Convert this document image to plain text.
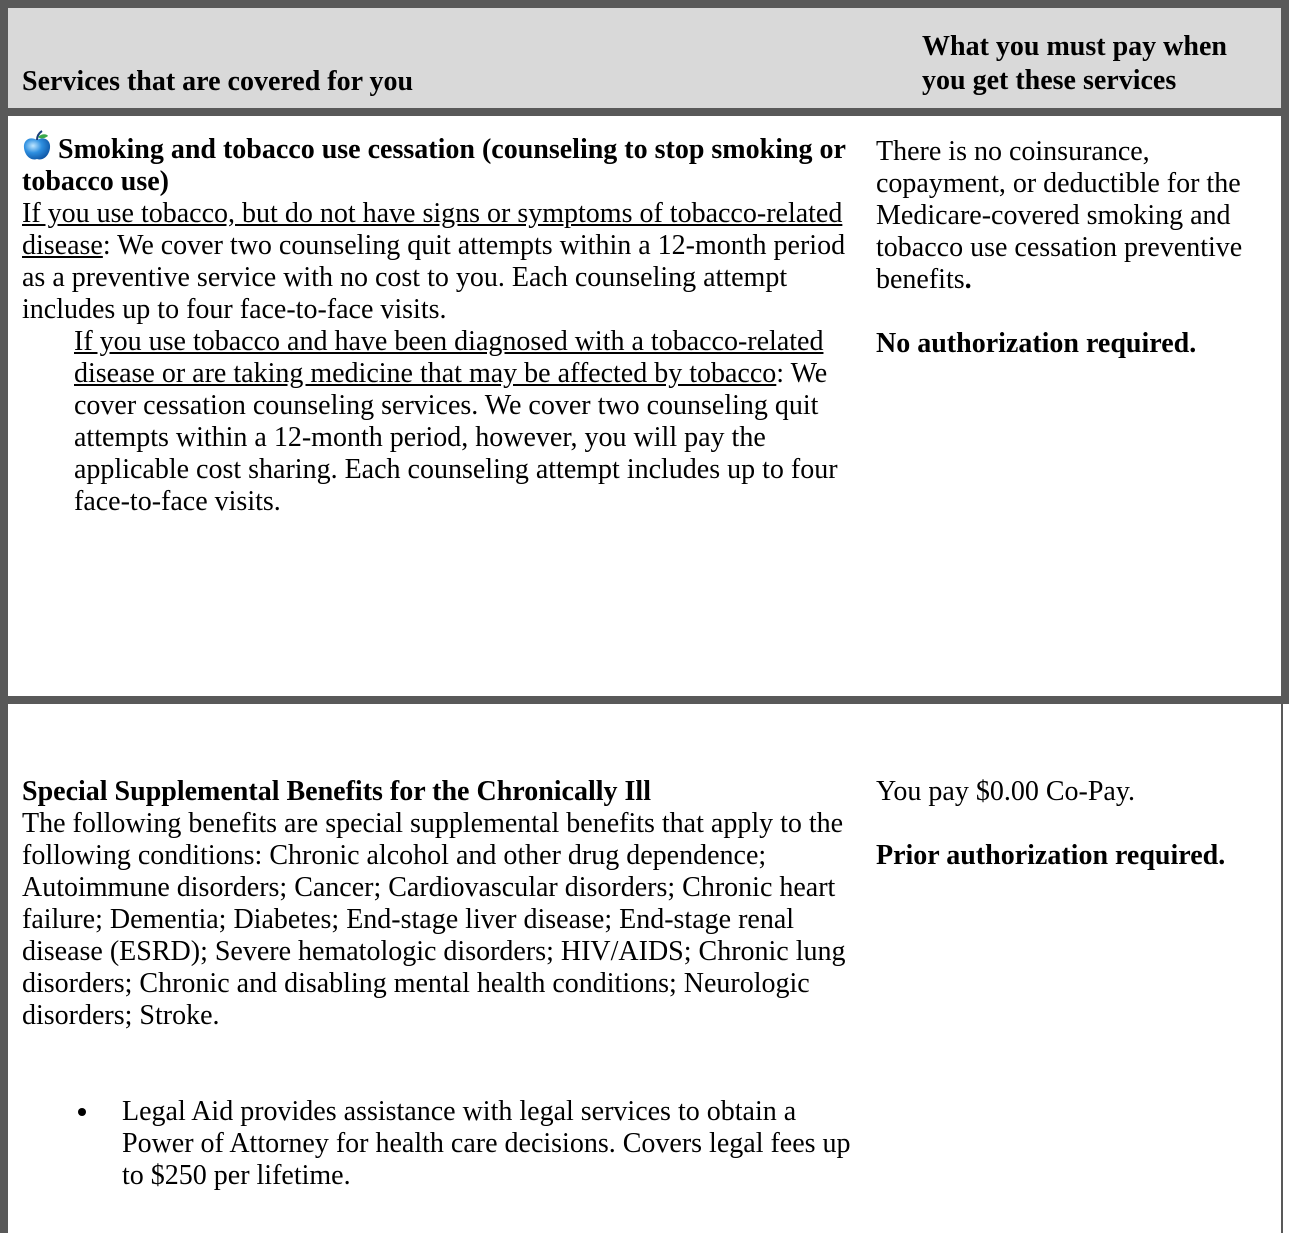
Services that are covered for you
What you must pay when you get these services
Smoking and tobacco use cessation (counseling to stop smoking or tobacco use)

If you use tobacco, but do not have signs or symptoms of tobacco-related disease: We cover two counseling quit attempts within a 12-month period as a preventive service with no cost to you. Each counseling attempt includes up to four face-to-face visits.

If you use tobacco and have been diagnosed with a tobacco-related disease or are taking medicine that may be affected by tobacco: We cover cessation counseling services. We cover two counseling quit attempts within a 12-month period, however, you will pay the applicable cost sharing. Each counseling attempt includes up to four face-to-face visits.

There is no coinsurance, copayment, or deductible for the Medicare-covered smoking and tobacco use cessation preventive benefits.

No authorization required.

Special Supplemental Benefits for the Chronically Ill

The following benefits are special supplemental benefits that apply to the following conditions: Chronic alcohol and other drug dependence; Autoimmune disorders; Cancer; Cardiovascular disorders; Chronic heart failure; Dementia; Diabetes; End-stage liver disease; End-stage renal disease (ESRD); Severe hematologic disorders; HIV/AIDS; Chronic lung disorders; Chronic and disabling mental health conditions; Neurologic disorders; Stroke.

Legal Aid provides assistance with legal services to obtain a Power of Attorney for health care decisions. Covers legal fees up to $250 per lifetime.

You pay $0.00 Co-Pay.

Prior authorization required.
